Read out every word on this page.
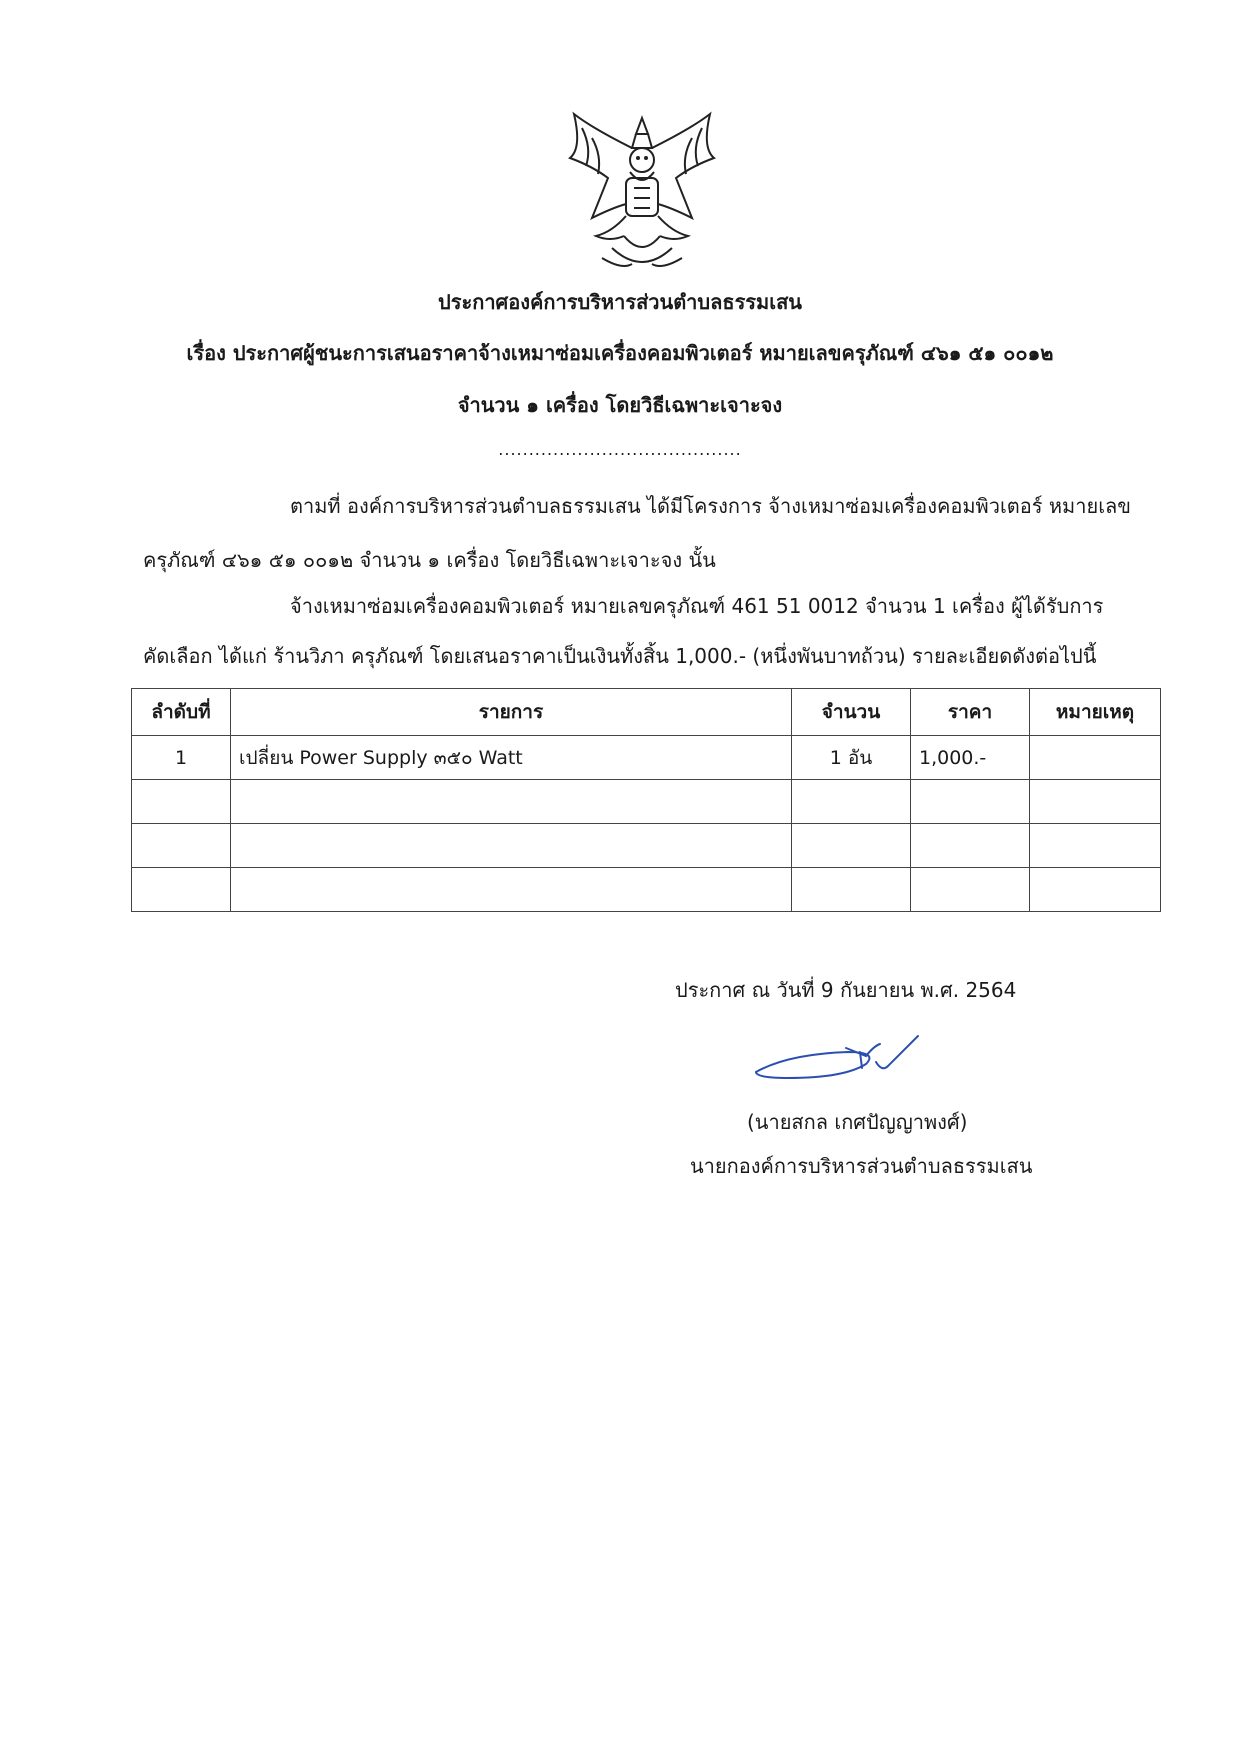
ประกาศองค์การบริหารส่วนตำบลธรรมเสน
เรื่อง ประกาศผู้ชนะการเสนอราคาจ้างเหมาซ่อมเครื่องคอมพิวเตอร์ หมายเลขครุภัณฑ์ ๔๖๑ ๕๑ ๐๐๑๒
จำนวน ๑ เครื่อง โดยวิธีเฉพาะเจาะจง
........................................
ตามที่ องค์การบริหารส่วนตำบลธรรมเสน ได้มีโครงการ จ้างเหมาซ่อมเครื่องคอมพิวเตอร์ หมายเลข
ครุภัณฑ์ ๔๖๑ ๕๑ ๐๐๑๒ จำนวน ๑ เครื่อง โดยวิธีเฉพาะเจาะจง นั้น
จ้างเหมาซ่อมเครื่องคอมพิวเตอร์ หมายเลขครุภัณฑ์ 461 51 0012 จำนวน 1 เครื่อง ผู้ได้รับการ
คัดเลือก ได้แก่ ร้านวิภา ครุภัณฑ์ โดยเสนอราคาเป็นเงินทั้งสิ้น 1,000.- (หนึ่งพันบาทถ้วน) รายละเอียดดังต่อไปนี้
ลำดับที่	รายการ	จำนวน	ราคา	หมายเหตุ
1	เปลี่ยน Power Supply ๓๕๐ Watt	1 อัน	1,000.-	

ประกาศ ณ วันที่ 9 กันยายน พ.ศ. 2564
(นายสกล เกศปัญญาพงศ์)
นายกองค์การบริหารส่วนตำบลธรรมเสน
